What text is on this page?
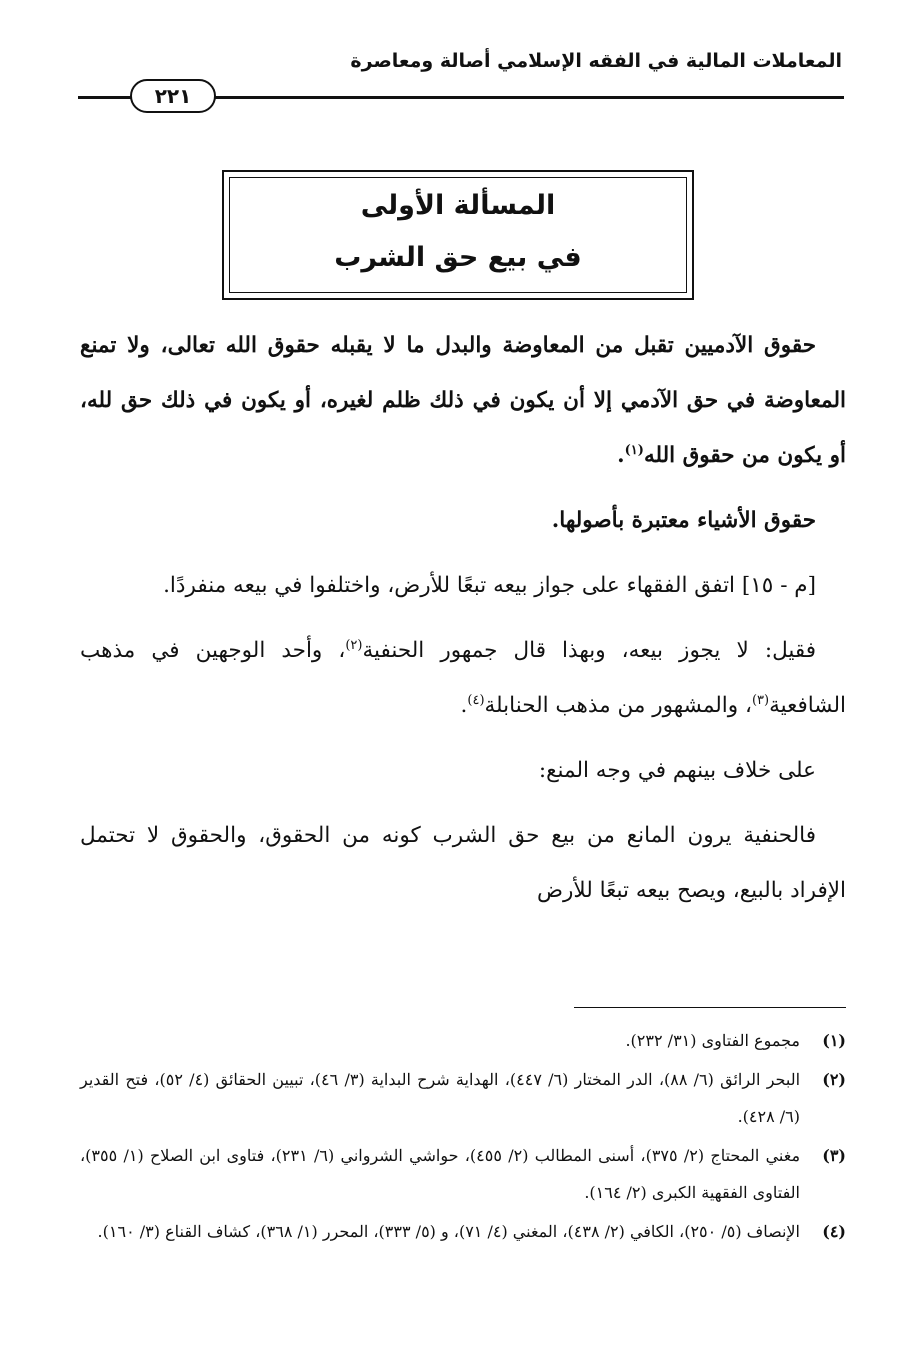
المعاملات المالية في الفقه الإسلامي أصالة ومعاصرة
٢٢١
المسألة الأولى
في بيع حق الشرب

حقوق الآدميين تقبل من المعاوضة والبدل ما لا يقبله حقوق الله تعالى، ولا تمنع المعاوضة في حق الآدمي إلا أن يكون في ذلك ظلم لغيره، أو يكون في ذلك حق لله، أو يكون من حقوق الله$^{(١)}$.

حقوق الأشياء معتبرة بأصولها.

[م - ١٥] اتفق الفقهاء على جواز بيعه تبعًا للأرض، واختلفوا في بيعه منفردًا.

فقيل: لا يجوز بيعه، وبهذا قال جمهور الحنفية$^{(٢)}$، وأحد الوجهين في مذهب الشافعية$^{(٣)}$، والمشهور من مذهب الحنابلة$^{(٤)}$.

على خلاف بينهم في وجه المنع:

فالحنفية يرون المانع من بيع حق الشرب كونه من الحقوق، والحقوق لا تحتمل الإفراد بالبيع، ويصح بيعه تبعًا للأرض

(١)
مجموع الفتاوى (٣١/ ٢٣٢).
(٢)
البحر الرائق (٦/ ٨٨)، الدر المختار (٦/ ٤٤٧)، الهداية شرح البداية (٣/ ٤٦)، تبيين الحقائق (٤/ ٥٢)، فتح القدير (٦/ ٤٢٨).
(٣)
مغني المحتاج (٢/ ٣٧٥)، أسنى المطالب (٢/ ٤٥٥)، حواشي الشرواني (٦/ ٢٣١)، فتاوى ابن الصلاح (١/ ٣٥٥)، الفتاوى الفقهية الكبرى (٢/ ١٦٤).
(٤)
الإنصاف (٥/ ٢٥٠)، الكافي (٢/ ٤٣٨)، المغني (٤/ ٧١)، و (٥/ ٣٣٣)، المحرر (١/ ٣٦٨)، كشاف القناع (٣/ ١٦٠).
